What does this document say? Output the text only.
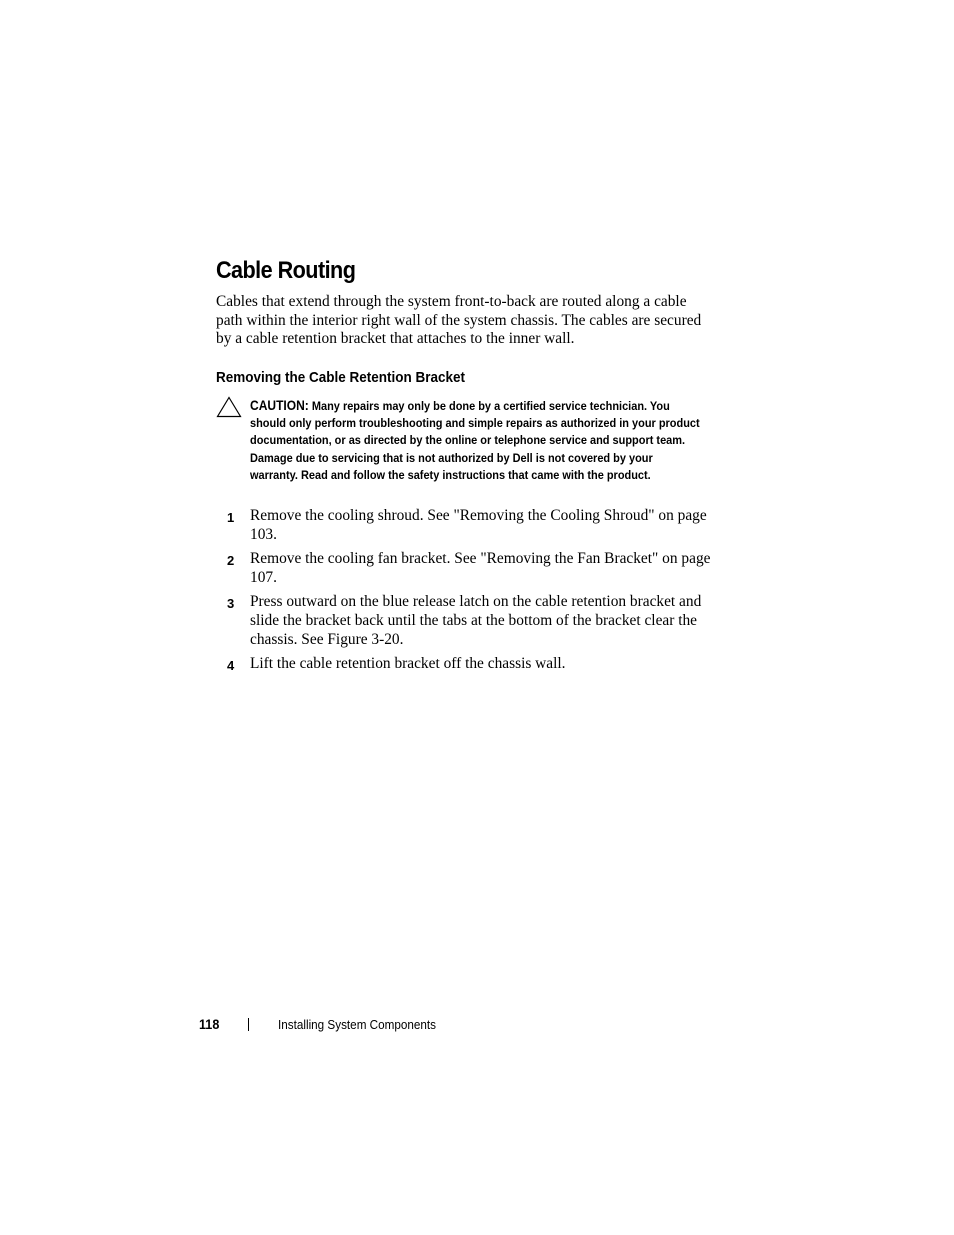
Cable Routing

Cables that extend through the system front-to-back are routed along a cable path within the interior right wall of the system chassis. The cables are secured by a cable retention bracket that attaches to the inner wall.

Removing the Cable Retention Bracket

CAUTION: Many repairs may only be done by a certified service technician. You should only perform troubleshooting and simple repairs as authorized in your product documentation, or as directed by the online or telephone service and support team. Damage due to servicing that is not authorized by Dell is not covered by your warranty. Read and follow the safety instructions that came with the product.

1 Remove the cooling shroud. See "Removing the Cooling Shroud" on page 103.
2 Remove the cooling fan bracket. See "Removing the Fan Bracket" on page 107.
3 Press outward on the blue release latch on the cable retention bracket and slide the bracket back until the tabs at the bottom of the bracket clear the chassis. See Figure 3-20.
4 Lift the cable retention bracket off the chassis wall.
118	Installing System Components
